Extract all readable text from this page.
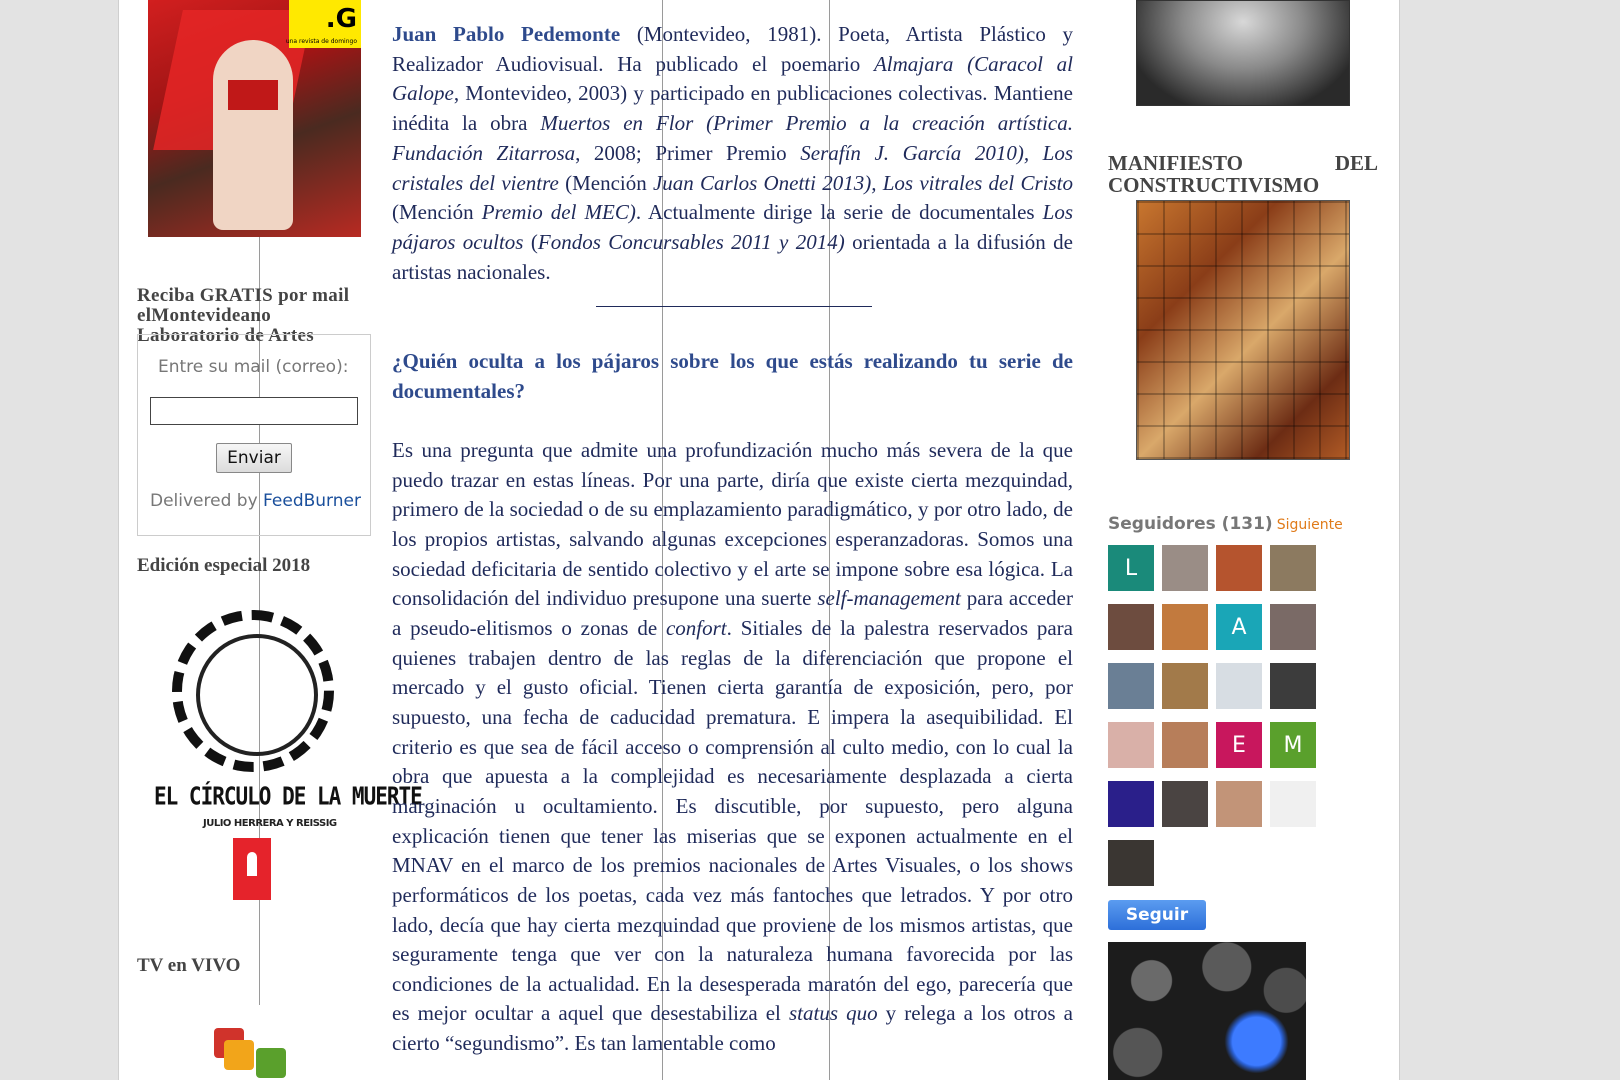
.G
una revista de domingo
Reciba GRATIS por mail elMontevideano Laboratorio de Artes
Entre su mail (correo):
Enviar
Delivered by FeedBurner
Edición especial 2018
EL CÍRCULO DE LA MUERTE
JULIO HERRERA Y REISSIG
TV en VIVO

Juan Pablo Pedemonte (Montevideo, 1981). Poeta, Artista Plástico y Realizador Audiovisual. Ha publicado el poemario Almajara (Caracol al Galope, Montevideo, 2003) y participado en publicaciones colectivas. Mantiene inédita la obra Muertos en Flor (Primer Premio a la creación artística. Fundación Zitarrosa, 2008; Primer Premio Serafín J. García 2010), Los cristales del vientre (Mención Juan Carlos Onetti 2013), Los vitrales del Cristo (Mención Premio del MEC). Actualmente dirige la serie de documentales Los pájaros ocultos (Fondos Concursables 2011 y 2014) orientada a la difusión de artistas nacionales.

¿Quién oculta a los pájaros sobre los que estás realizando tu serie de documentales?
Es una pregunta que admite una profundización mucho más severa de la que puedo trazar en estas líneas. Por una parte, diría que existe cierta mezquindad, primero de la sociedad o de su emplazamiento paradigmático, y por otro lado, de los propios artistas, salvando algunas excepciones esperanzadoras. Somos una sociedad deficitaria de sentido colectivo y el arte se impone sobre esa lógica. La consolidación del individuo presupone una suerte self-management para acceder a pseudo-elitismos o zonas de confort. Sitiales de la palestra reservados para quienes trabajen dentro de las reglas de la diferenciación que propone el mercado y el gusto oficial. Tienen cierta garantía de exposición, pero, por supuesto, una fecha de caducidad prematura. E impera la asequibilidad. El criterio es que sea de fácil acceso o comprensión al culto medio, con lo cual la obra que apuesta a la complejidad es necesariamente desplazada a cierta marginación u ocultamiento. Es discutible, por supuesto, pero alguna explicación tienen que tener las miserias que se exponen actualmente en el MNAV en el marco de los premios nacionales de Artes Visuales, o los shows performáticos de los poetas, cada vez más fantoches que letrados. Y por otro lado, decía que hay cierta mezquindad que proviene de los mismos artistas, que seguramente tenga que ver con la naturaleza humana favorecida por las condiciones de la actualidad. En la desesperada maratón del ego, parecería que es mejor ocultar a aquel que desestabiliza el status quo y relega a los otros a cierto “segundismo”. Es tan lamentable como
MANIFIESTO	DEL
CONSTRUCTIVISMO
Seguidores (131) Siguiente
L
A
E	M
Seguir
